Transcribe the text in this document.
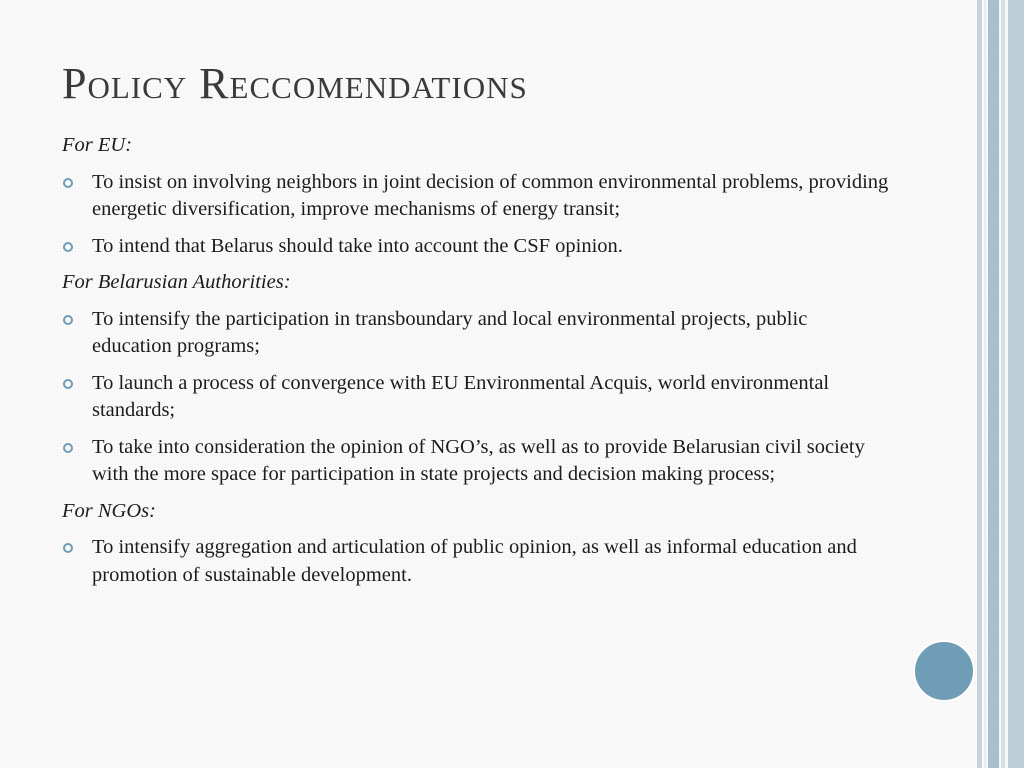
Policy Reccomendations

For EU:

To insist on involving neighbors in joint decision of common environmental problems, providing energetic diversification, improve mechanisms of energy transit;
To intend that Belarus should take into account the CSF opinion.

For Belarusian Authorities:

To intensify the participation in transboundary and local environmental projects, public education programs;
To launch a process of convergence with EU Environmental Acquis, world environmental standards;
To take into consideration the opinion of NGO’s, as well as to provide Belarusian civil society with the more space for participation in state projects and decision making process;

For NGOs:

To intensify aggregation and articulation of public opinion, as well as informal education and promotion of sustainable development.
